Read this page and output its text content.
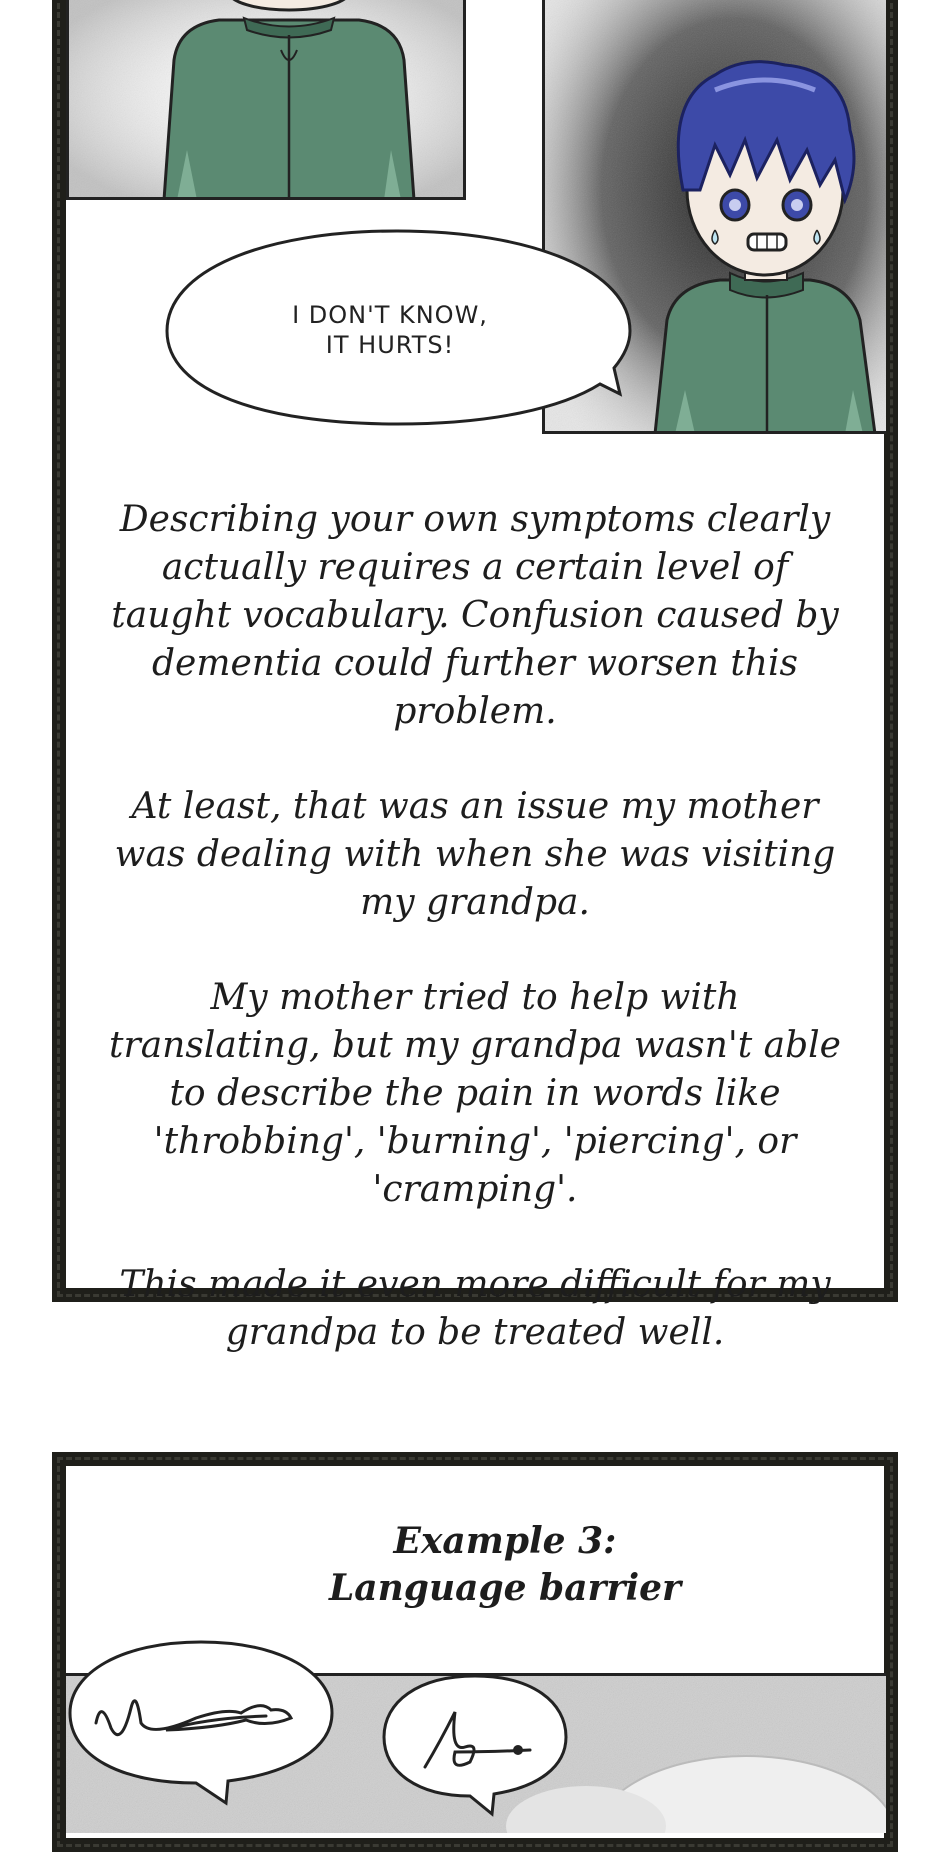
I DON'T KNOW,
IT HURTS!

Describing your own symptoms clearly actually requires a certain level of taught vocabulary. Confusion caused by dementia could further worsen this problem.

At least, that was an issue my mother was dealing with when she was visiting my grandpa.

My mother tried to help with translating, but my grandpa wasn't able to describe the pain in words like 'throbbing', 'burning', 'piercing', or 'cramping'.

This made it even more difficult for my grandpa to be treated well.

Example 3:
Language barrier
